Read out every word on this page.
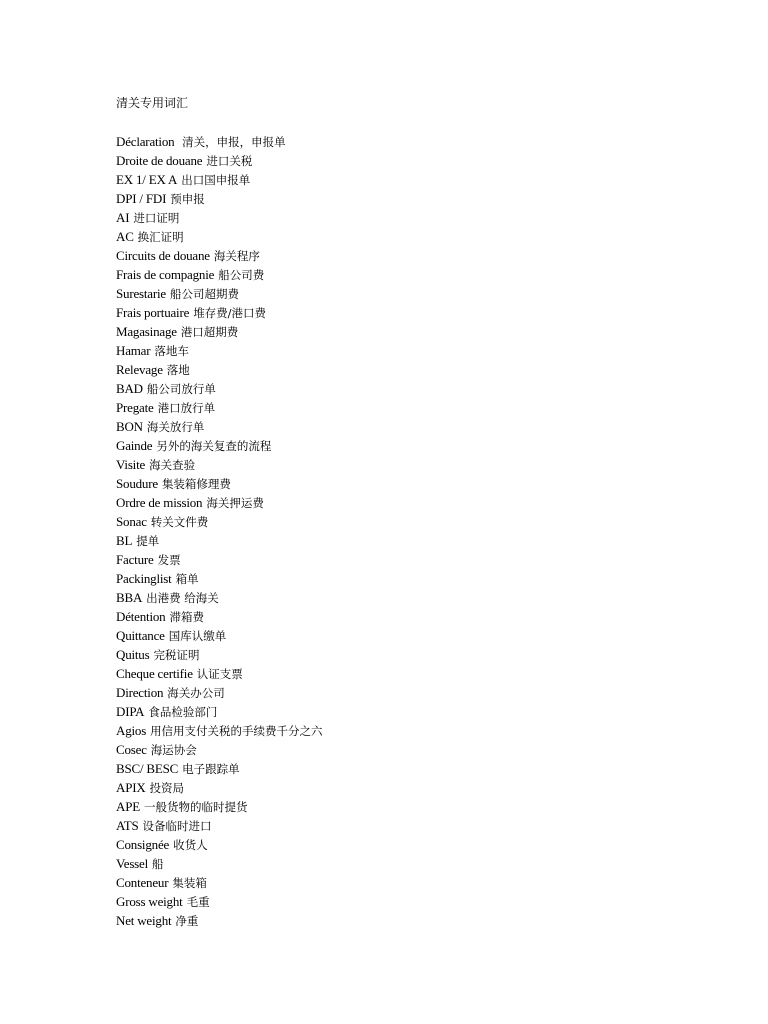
清关专用词汇
Déclaration 清关，申报，申报单
Droite de douane 进口关税
EX 1/ EX A 出口国申报单
DPI / FDI 预申报
AI 进口证明
AC 换汇证明
Circuits de douane 海关程序
Frais de compagnie 船公司费
Surestarie 船公司超期费
Frais portuaire 堆存费/港口费
Magasinage 港口超期费
Hamar 落地车
Relevage 落地
BAD 船公司放行单
Pregate 港口放行单
BON 海关放行单
Gainde 另外的海关复查的流程
Visite 海关查验
Soudure 集装箱修理费
Ordre de mission 海关押运费
Sonac 转关文件费
BL 提单
Facture 发票
Packinglist 箱单
BBA 出港费 给海关
Détention 滞箱费
Quittance 国库认缴单
Quitus 完税证明
Cheque certifie 认证支票
Direction 海关办公司
DIPA 食品检验部门
Agios 用信用支付关税的手续费千分之六
Cosec 海运协会
BSC/ BESC 电子跟踪单
APIX 投资局
APE 一般货物的临时提货
ATS 设备临时进口
Consignée 收货人
Vessel 船
Conteneur 集装箱
Gross weight 毛重
Net weight 净重
